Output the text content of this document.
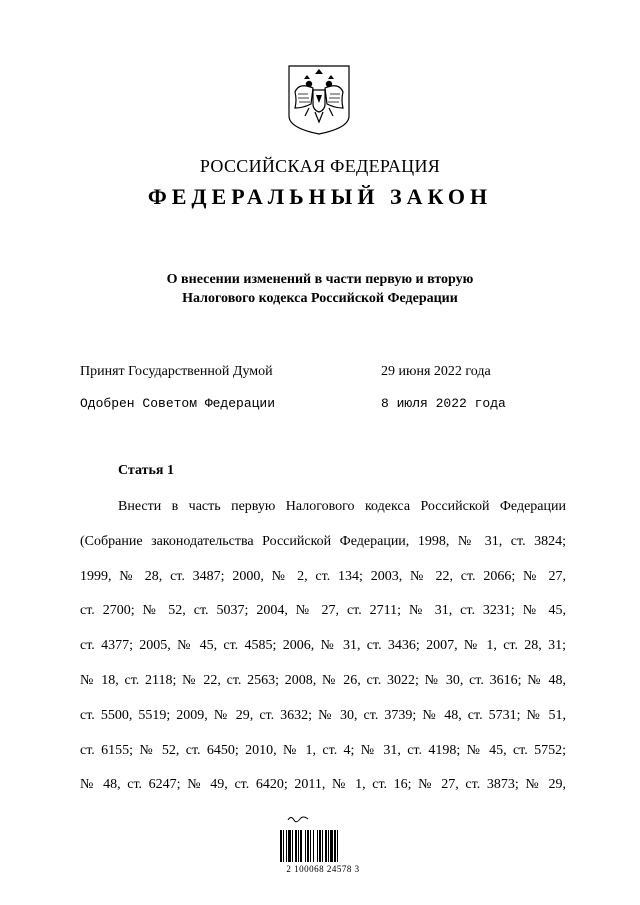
РОССИЙСКАЯ ФЕДЕРАЦИЯ
ФЕДЕРАЛЬНЫЙ ЗАКОН
О внесении изменений в части первую и вторую
Налогового кодекса Российской Федерации
Принят Государственной Думой	29 июня 2022 года
Одобрен Советом Федерации	8 июля 2022 года
Статья 1
Внести в часть первую Налогового кодекса Российской Федерации
(Собрание законодательства Российской Федерации, 1998, № 31, ст. 3824;
1999, № 28, ст. 3487; 2000, № 2, ст. 134; 2003, № 22, ст. 2066; № 27,
ст. 2700; № 52, ст. 5037; 2004, № 27, ст. 2711; № 31, ст. 3231; № 45,
ст. 4377; 2005, № 45, ст. 4585; 2006, № 31, ст. 3436; 2007, № 1, ст. 28, 31;
№ 18, ст. 2118; № 22, ст. 2563; 2008, № 26, ст. 3022; № 30, ст. 3616; № 48,
ст. 5500, 5519; 2009, № 29, ст. 3632; № 30, ст. 3739; № 48, ст. 5731; № 51,
ст. 6155; № 52, ст. 6450; 2010, № 1, ст. 4; № 31, ст. 4198; № 45, ст. 5752;
№ 48, ст. 6247; № 49, ст. 6420; 2011, № 1, ст. 16; № 27, ст. 3873; № 29,
2 100068 24578 3
